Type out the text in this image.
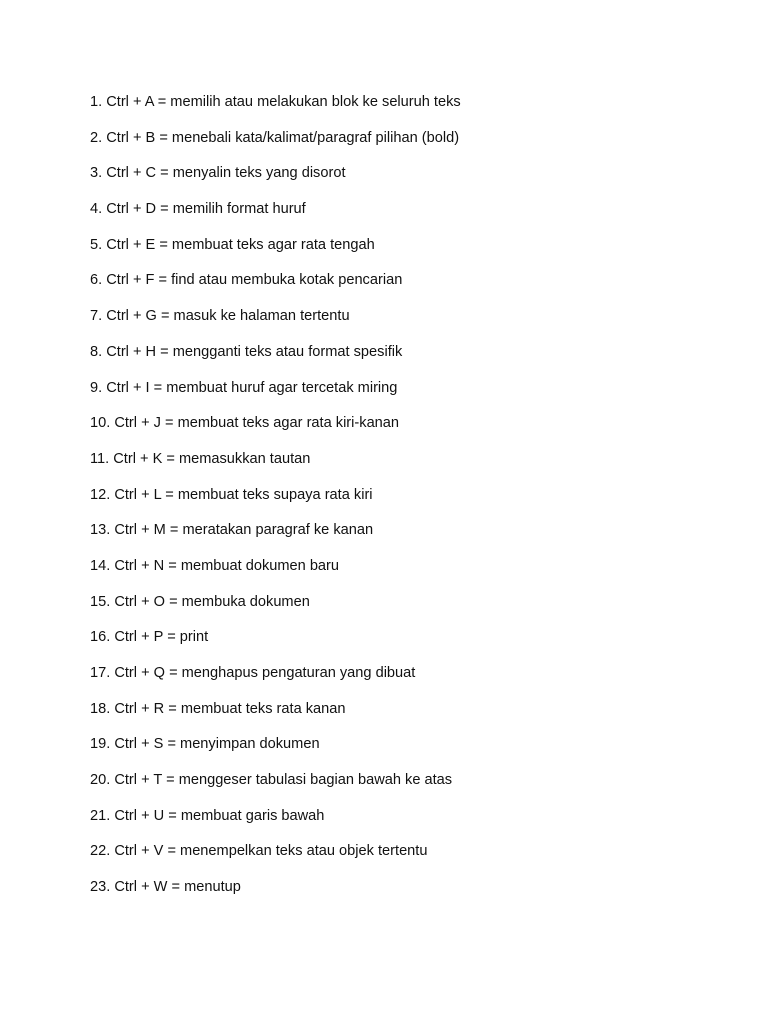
1. Ctrl + A = memilih atau melakukan blok ke seluruh teks
2. Ctrl + B = menebali kata/kalimat/paragraf pilihan (bold)
3. Ctrl + C = menyalin teks yang disorot
4. Ctrl + D = memilih format huruf
5. Ctrl + E = membuat teks agar rata tengah
6. Ctrl + F = find atau membuka kotak pencarian
7. Ctrl + G = masuk ke halaman tertentu
8. Ctrl + H = mengganti teks atau format spesifik
9. Ctrl + I = membuat huruf agar tercetak miring
10. Ctrl + J = membuat teks agar rata kiri-kanan
11. Ctrl + K = memasukkan tautan
12. Ctrl + L = membuat teks supaya rata kiri
13. Ctrl + M = meratakan paragraf ke kanan
14. Ctrl + N = membuat dokumen baru
15. Ctrl + O = membuka dokumen
16. Ctrl + P = print
17. Ctrl + Q = menghapus pengaturan yang dibuat
18. Ctrl + R = membuat teks rata kanan
19. Ctrl + S = menyimpan dokumen
20. Ctrl + T = menggeser tabulasi bagian bawah ke atas
21. Ctrl + U = membuat garis bawah
22. Ctrl + V = menempelkan teks atau objek tertentu
23. Ctrl + W = menutup
